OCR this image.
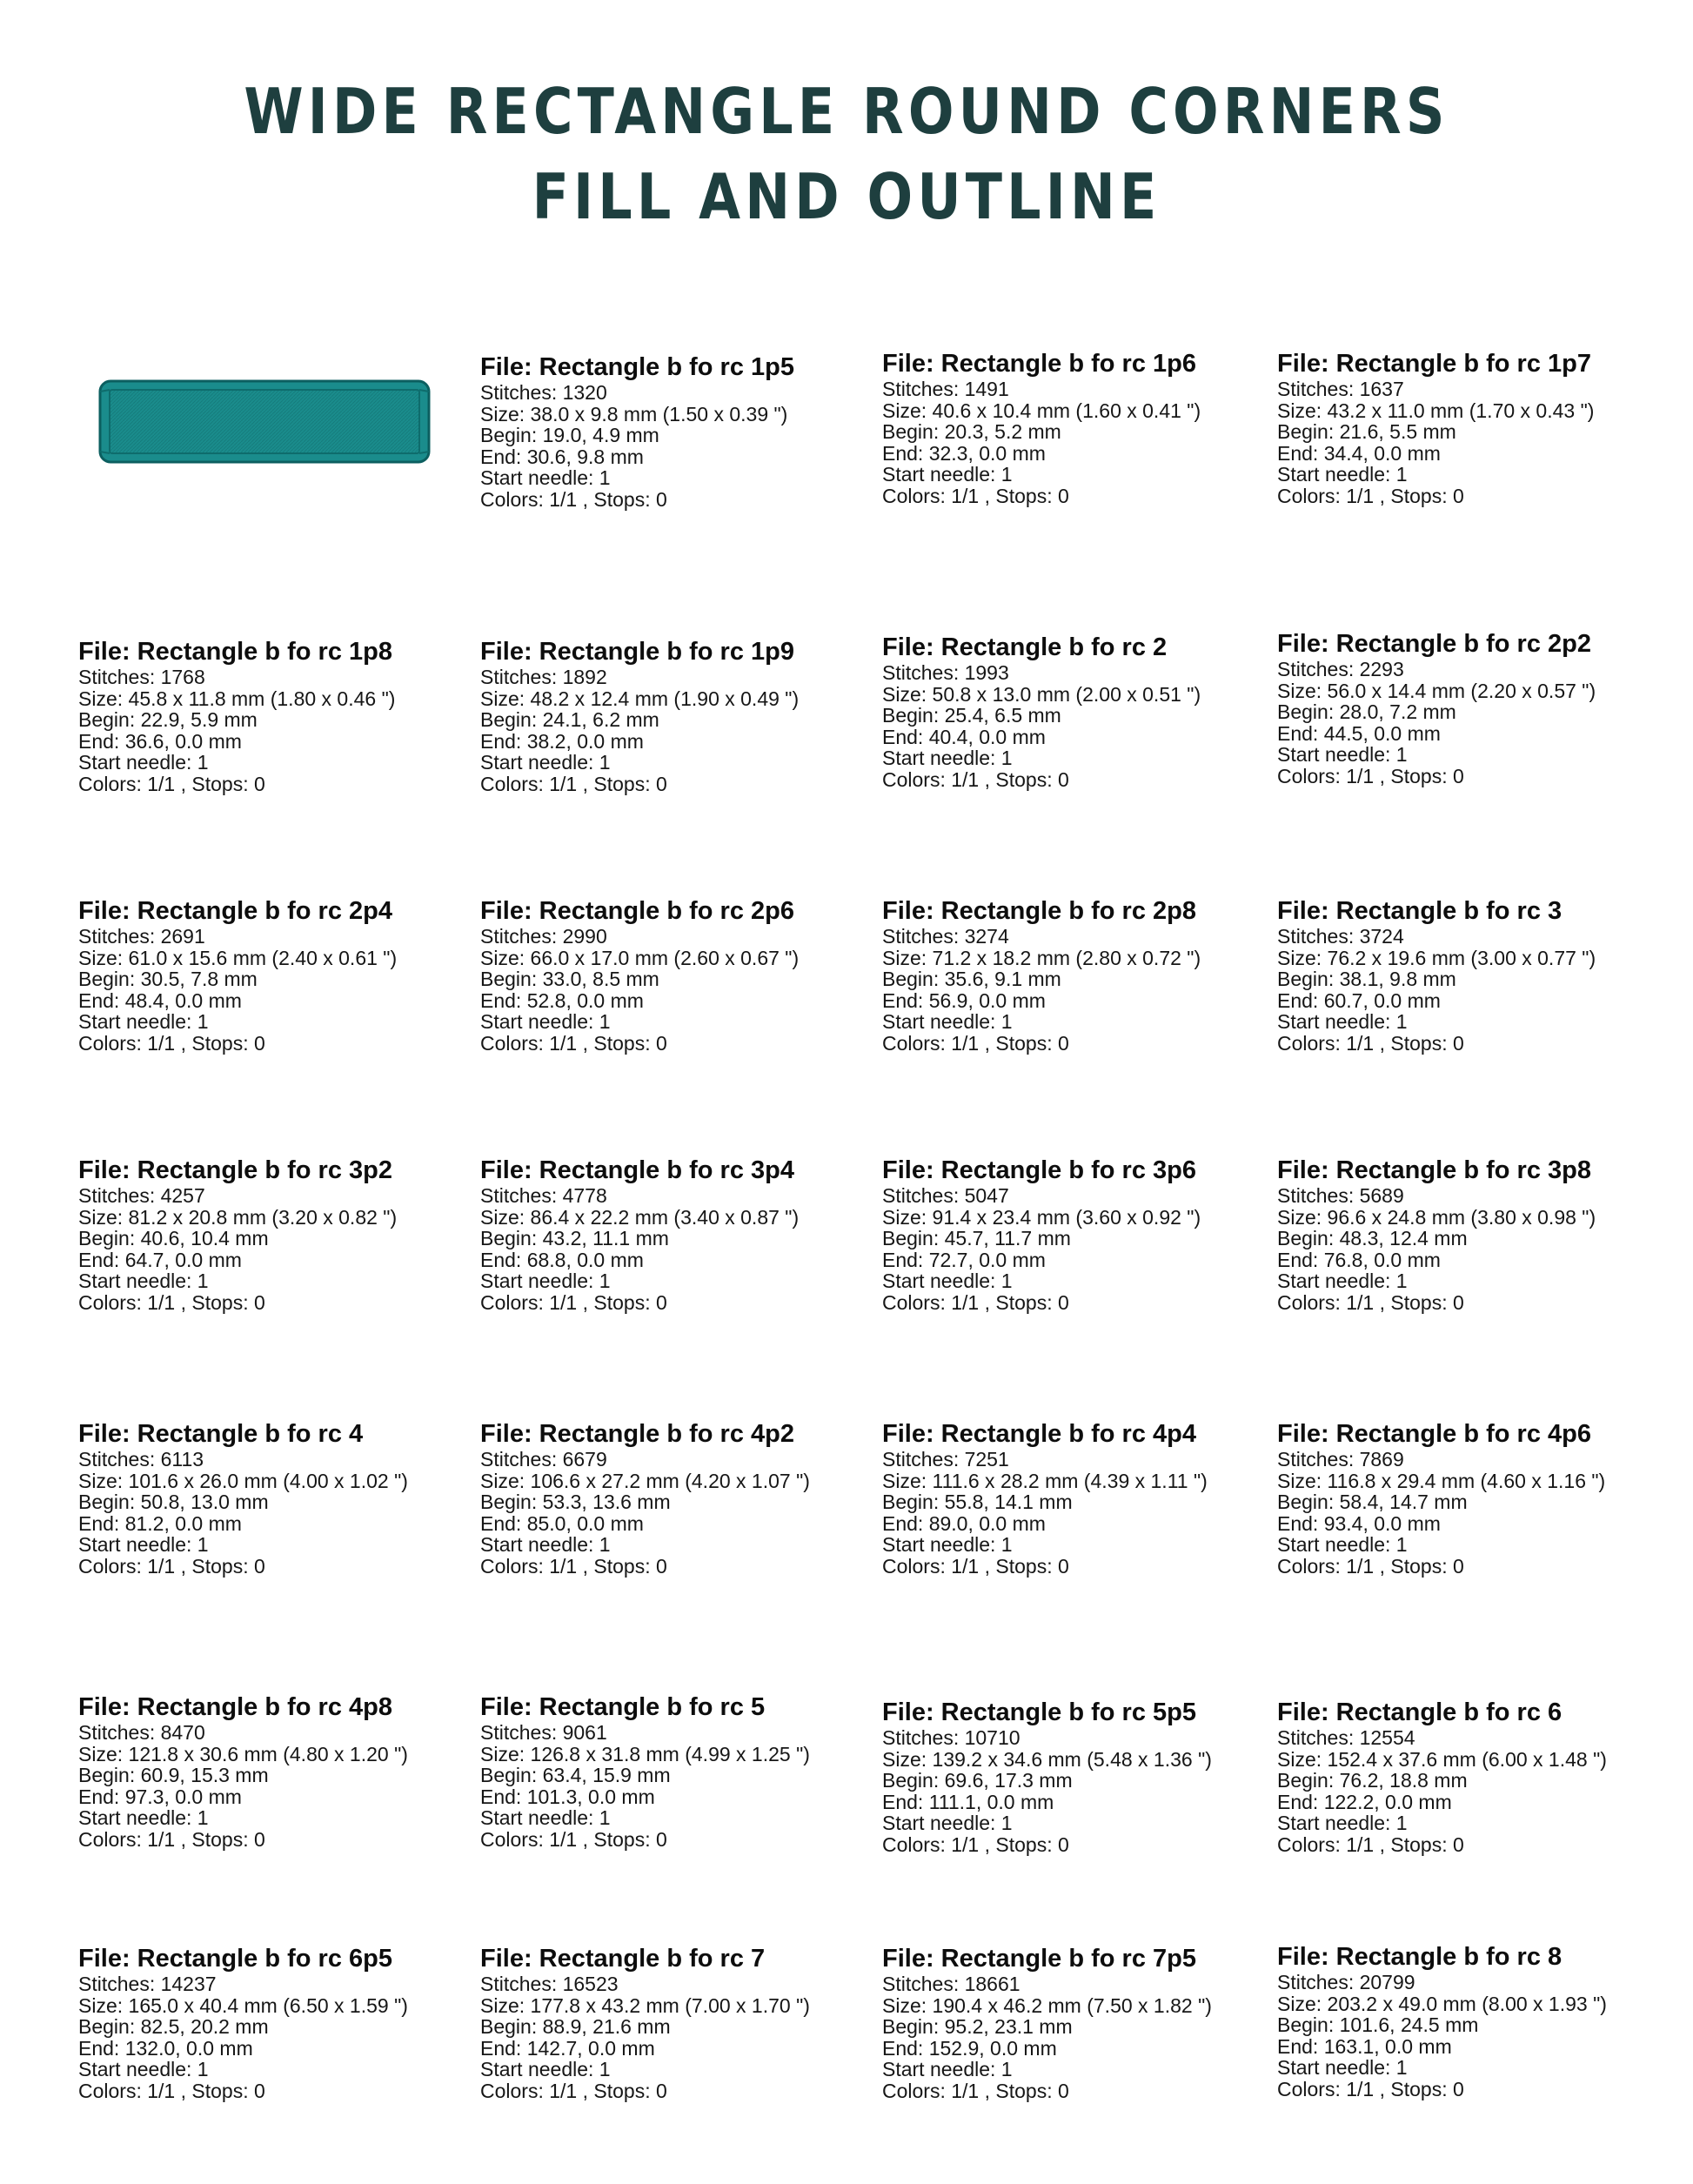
WIDE RECTANGLE ROUND CORNERS
FILL AND OUTLINE
File: Rectangle b fo rc 1p5
Stitches: 1320
Size: 38.0 x 9.8 mm (1.50 x 0.39 ")
Begin: 19.0, 4.9 mm
End: 30.6, 9.8 mm
Start needle: 1
Colors: 1/1 , Stops: 0
File: Rectangle b fo rc 1p6
Stitches: 1491
Size: 40.6 x 10.4 mm (1.60 x 0.41 ")
Begin: 20.3, 5.2 mm
End: 32.3, 0.0 mm
Start needle: 1
Colors: 1/1 , Stops: 0
File: Rectangle b fo rc 1p7
Stitches: 1637
Size: 43.2 x 11.0 mm (1.70 x 0.43 ")
Begin: 21.6, 5.5 mm
End: 34.4, 0.0 mm
Start needle: 1
Colors: 1/1 , Stops: 0
File: Rectangle b fo rc 1p8
Stitches: 1768
Size: 45.8 x 11.8 mm (1.80 x 0.46 ")
Begin: 22.9, 5.9 mm
End: 36.6, 0.0 mm
Start needle: 1
Colors: 1/1 , Stops: 0
File: Rectangle b fo rc 1p9
Stitches: 1892
Size: 48.2 x 12.4 mm (1.90 x 0.49 ")
Begin: 24.1, 6.2 mm
End: 38.2, 0.0 mm
Start needle: 1
Colors: 1/1 , Stops: 0
File: Rectangle b fo rc 2
Stitches: 1993
Size: 50.8 x 13.0 mm (2.00 x 0.51 ")
Begin: 25.4, 6.5 mm
End: 40.4, 0.0 mm
Start needle: 1
Colors: 1/1 , Stops: 0
File: Rectangle b fo rc 2p2
Stitches: 2293
Size: 56.0 x 14.4 mm (2.20 x 0.57 ")
Begin: 28.0, 7.2 mm
End: 44.5, 0.0 mm
Start needle: 1
Colors: 1/1 , Stops: 0
File: Rectangle b fo rc 2p4
Stitches: 2691
Size: 61.0 x 15.6 mm (2.40 x 0.61 ")
Begin: 30.5, 7.8 mm
End: 48.4, 0.0 mm
Start needle: 1
Colors: 1/1 , Stops: 0
File: Rectangle b fo rc 2p6
Stitches: 2990
Size: 66.0 x 17.0 mm (2.60 x 0.67 ")
Begin: 33.0, 8.5 mm
End: 52.8, 0.0 mm
Start needle: 1
Colors: 1/1 , Stops: 0
File: Rectangle b fo rc 2p8
Stitches: 3274
Size: 71.2 x 18.2 mm (2.80 x 0.72 ")
Begin: 35.6, 9.1 mm
End: 56.9, 0.0 mm
Start needle: 1
Colors: 1/1 , Stops: 0
File: Rectangle b fo rc 3
Stitches: 3724
Size: 76.2 x 19.6 mm (3.00 x 0.77 ")
Begin: 38.1, 9.8 mm
End: 60.7, 0.0 mm
Start needle: 1
Colors: 1/1 , Stops: 0
File: Rectangle b fo rc 3p2
Stitches: 4257
Size: 81.2 x 20.8 mm (3.20 x 0.82 ")
Begin: 40.6, 10.4 mm
End: 64.7, 0.0 mm
Start needle: 1
Colors: 1/1 , Stops: 0
File: Rectangle b fo rc 3p4
Stitches: 4778
Size: 86.4 x 22.2 mm (3.40 x 0.87 ")
Begin: 43.2, 11.1 mm
End: 68.8, 0.0 mm
Start needle: 1
Colors: 1/1 , Stops: 0
File: Rectangle b fo rc 3p6
Stitches: 5047
Size: 91.4 x 23.4 mm (3.60 x 0.92 ")
Begin: 45.7, 11.7 mm
End: 72.7, 0.0 mm
Start needle: 1
Colors: 1/1 , Stops: 0
File: Rectangle b fo rc 3p8
Stitches: 5689
Size: 96.6 x 24.8 mm (3.80 x 0.98 ")
Begin: 48.3, 12.4 mm
End: 76.8, 0.0 mm
Start needle: 1
Colors: 1/1 , Stops: 0
File: Rectangle b fo rc 4
Stitches: 6113
Size: 101.6 x 26.0 mm (4.00 x 1.02 ")
Begin: 50.8, 13.0 mm
End: 81.2, 0.0 mm
Start needle: 1
Colors: 1/1 , Stops: 0
File: Rectangle b fo rc 4p2
Stitches: 6679
Size: 106.6 x 27.2 mm (4.20 x 1.07 ")
Begin: 53.3, 13.6 mm
End: 85.0, 0.0 mm
Start needle: 1
Colors: 1/1 , Stops: 0
File: Rectangle b fo rc 4p4
Stitches: 7251
Size: 111.6 x 28.2 mm (4.39 x 1.11 ")
Begin: 55.8, 14.1 mm
End: 89.0, 0.0 mm
Start needle: 1
Colors: 1/1 , Stops: 0
File: Rectangle b fo rc 4p6
Stitches: 7869
Size: 116.8 x 29.4 mm (4.60 x 1.16 ")
Begin: 58.4, 14.7 mm
End: 93.4, 0.0 mm
Start needle: 1
Colors: 1/1 , Stops: 0
File: Rectangle b fo rc 4p8
Stitches: 8470
Size: 121.8 x 30.6 mm (4.80 x 1.20 ")
Begin: 60.9, 15.3 mm
End: 97.3, 0.0 mm
Start needle: 1
Colors: 1/1 , Stops: 0
File: Rectangle b fo rc 5
Stitches: 9061
Size: 126.8 x 31.8 mm (4.99 x 1.25 ")
Begin: 63.4, 15.9 mm
End: 101.3, 0.0 mm
Start needle: 1
Colors: 1/1 , Stops: 0
File: Rectangle b fo rc 5p5
Stitches: 10710
Size: 139.2 x 34.6 mm (5.48 x 1.36 ")
Begin: 69.6, 17.3 mm
End: 111.1, 0.0 mm
Start needle: 1
Colors: 1/1 , Stops: 0
File: Rectangle b fo rc 6
Stitches: 12554
Size: 152.4 x 37.6 mm (6.00 x 1.48 ")
Begin: 76.2, 18.8 mm
End: 122.2, 0.0 mm
Start needle: 1
Colors: 1/1 , Stops: 0
File: Rectangle b fo rc 6p5
Stitches: 14237
Size: 165.0 x 40.4 mm (6.50 x 1.59 ")
Begin: 82.5, 20.2 mm
End: 132.0, 0.0 mm
Start needle: 1
Colors: 1/1 , Stops: 0
File: Rectangle b fo rc 7
Stitches: 16523
Size: 177.8 x 43.2 mm (7.00 x 1.70 ")
Begin: 88.9, 21.6 mm
End: 142.7, 0.0 mm
Start needle: 1
Colors: 1/1 , Stops: 0
File: Rectangle b fo rc 7p5
Stitches: 18661
Size: 190.4 x 46.2 mm (7.50 x 1.82 ")
Begin: 95.2, 23.1 mm
End: 152.9, 0.0 mm
Start needle: 1
Colors: 1/1 , Stops: 0
File: Rectangle b fo rc 8
Stitches: 20799
Size: 203.2 x 49.0 mm (8.00 x 1.93 ")
Begin: 101.6, 24.5 mm
End: 163.1, 0.0 mm
Start needle: 1
Colors: 1/1 , Stops: 0
